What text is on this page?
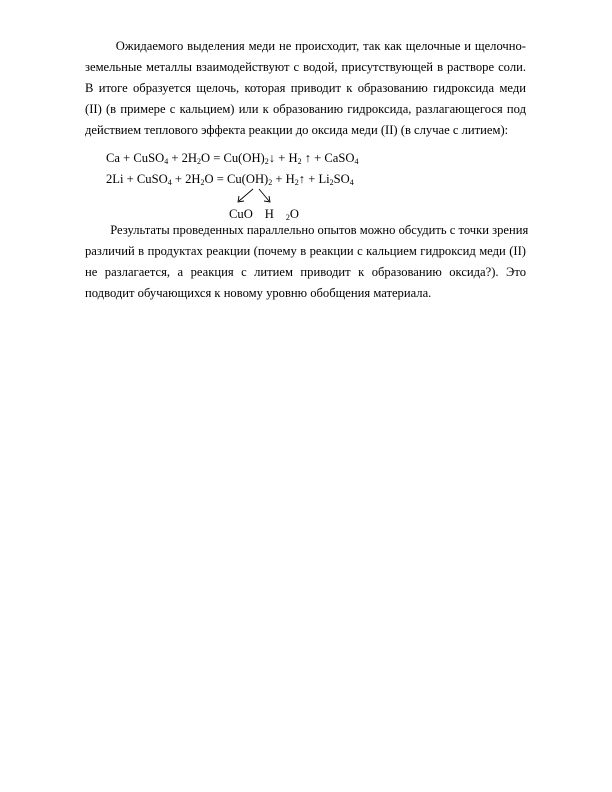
Ожидаемого выделения меди не происходит, так как щелочные и щелочно-
земельные металлы взаимодействуют с водой, присутствующей в растворе соли.
В итоге образуется щелочь, которая приводит к образованию гидроксида меди
(II) (в примере с кальцием) или к образованию гидроксида, разлагающегося под
действием теплового эффекта реакции до оксида меди (II) (в случае с литием):

Ca + CuSO$_4$ + $2H_2O$ = $Cu(OH)_2↓ + H_2$ ↑ + CaSO$_4$
2Li + CuSO$_4$ + $2H_2O = Cu(OH)_2$ + $H_2↑ + Li_2SO_4$
CuO H $_2$O

Результаты проведенных параллельно опытов можно обсудить с точки зрения
различий в продуктах реакции (почему в реакции с кальцием гидроксид меди (II)
не разлагается, а реакция с литием приводит к образованию оксида?). Это
подводит обучающихся к новому уровню обобщения материала.
